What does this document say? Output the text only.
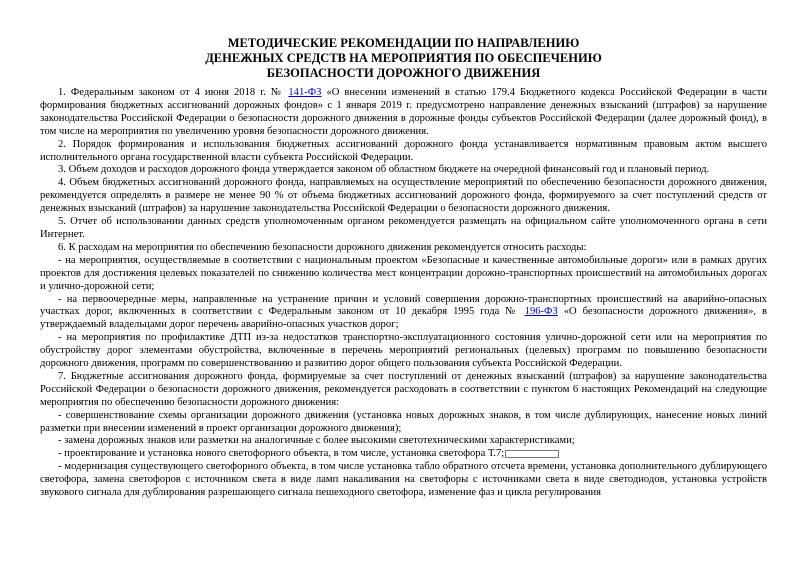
МЕТОДИЧЕСКИЕ РЕКОМЕНДАЦИИ ПО НАПРАВЛЕНИЮ
ДЕНЕЖНЫХ СРЕДСТВ НА МЕРОПРИЯТИЯ ПО ОБЕСПЕЧЕНИЮ
БЕЗОПАСНОСТИ ДОРОЖНОГО ДВИЖЕНИЯ

1. Федеральным законом от 4 июня 2018 г. № 141-ФЗ «О внесении изменений в статью 179.4 Бюджетного кодекса Российской Федерации в части формирования бюджетных ассигнований дорожных фондов» с 1 января 2019 г. предусмотрено направление денежных взысканий (штрафов) за нарушение законодательства Российской Федерации о безопасности дорожного движения в дорожные фонды субъектов Российской Федерации (далее дорожный фонд), в том числе на мероприятия по увеличению уровня безопасности дорожного движения.

2. Порядок формирования и использования бюджетных ассигнований дорожного фонда устанавливается нормативным правовым актом высшего исполнительного органа государственной власти субъекта Российской Федерации.

3. Объем доходов и расходов дорожного фонда утверждается законом об областном бюджете на очередной финансовый год и плановый период.

4. Объем бюджетных ассигнований дорожного фонда, направляемых на осуществление мероприятий по обеспечению безопасности дорожного движения, рекомендуется определять в размере не менее 90 % от объема бюджетных ассигнований дорожного фонда, формируемого за счет поступлений средств от денежных взысканий (штрафов) за нарушение законодательства Российской Федерации о безопасности дорожного движения.

5. Отчет об использовании данных средств уполномоченным органом рекомендуется размещать на официальном сайте уполномоченного органа в сети Интернет.

6. К расходам на мероприятия по обеспечению безопасности дорожного движения рекомендуется относить расходы:

- на мероприятия, осуществляемые в соответствии с национальным проектом «Безопасные и качественные автомобильные дороги» или в рамках других проектов для достижения целевых показателей по снижению количества мест концентрации дорожно-транспортных происшествий на автомобильных дорогах и улично-дорожной сети;

- на первоочередные меры, направленные на устранение причин и условий совершения дорожно-транспортных происшествий на аварийно-опасных участках дорог, включенных в соответствии с Федеральным законом от 10 декабря 1995 года № 196-ФЗ «О безопасности дорожного движения», в утверждаемый владельцами дорог перечень аварийно-опасных участков дорог;

- на мероприятия по профилактике ДТП из-за недостатков транспортно-эксплуатационного состояния улично-дорожной сети или на мероприятия по обустройству дорог элементами обустройства, включенные в перечень мероприятий региональных (целевых) программ по повышению безопасности дорожного движения, программ по совершенствованию и развитию дорог общего пользования субъекта Российской Федерации.

7. Бюджетные ассигнования дорожного фонда, формируемые за счет поступлений от денежных взысканий (штрафов) за нарушение законодательства Российской Федерации о безопасности дорожного движения, рекомендуется расходовать в соответствии с пунктом 6 настоящих Рекомендаций на следующие мероприятия по обеспечению безопасности дорожного движения:

- совершенствование схемы организации дорожного движения (установка новых дорожных знаков, в том числе дублирующих, нанесение новых линий разметки при внесении изменений в проект организации дорожного движения);

- замена дорожных знаков или разметки на аналогичные с более высокими светотехническими характеристиками;

- проектирование и установка нового светофорного объекта, в том числе, установка светофора Т.7;

- модернизация существующего светофорного объекта, в том числе установка табло обратного отсчета времени, установка дополнительного дублирующего светофора, замена светофоров с источником света в виде ламп накаливания на светофоры с источниками света в виде светодиодов, установка устройств звукового сигнала для дублирования разрешающего сигнала пешеходного светофора, изменение фаз и цикла регулирования
